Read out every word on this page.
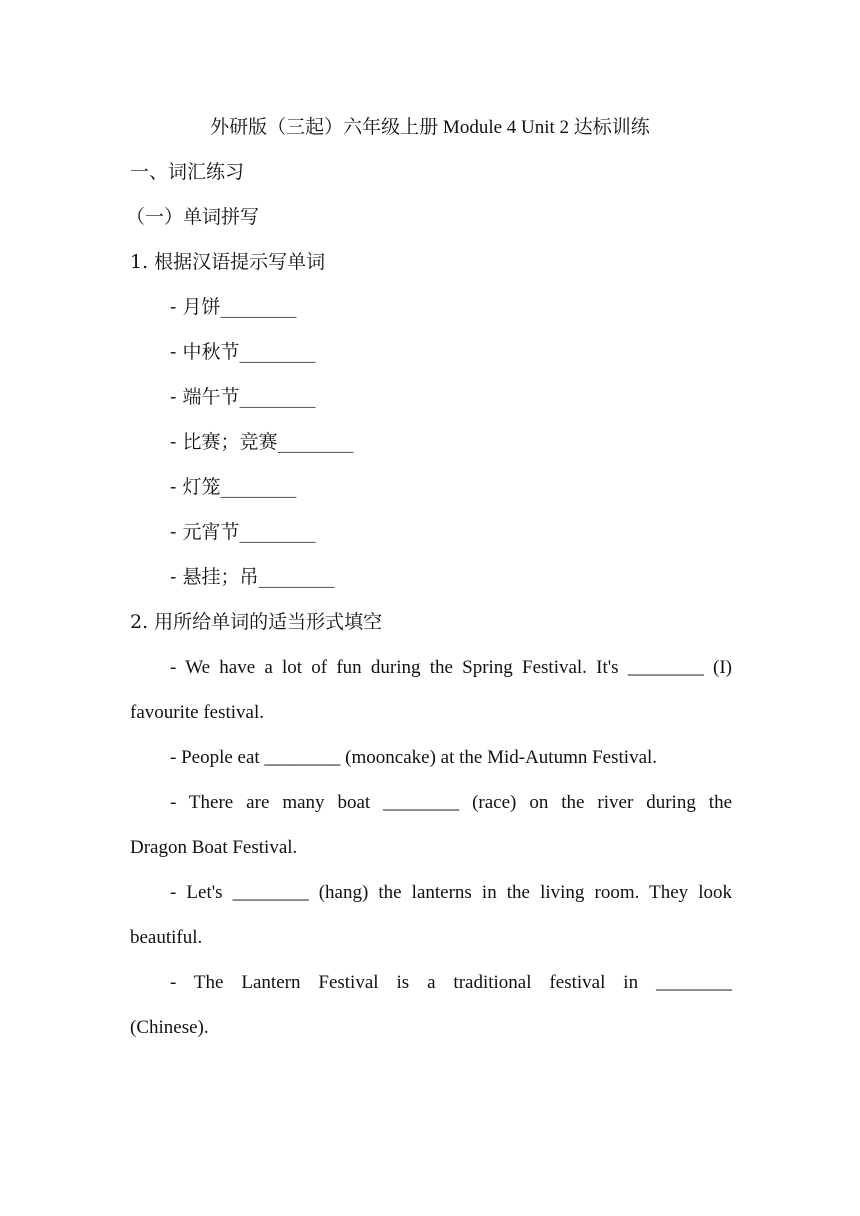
外研版（三起）六年级上册 Module 4 Unit 2 达标训练
一、词汇练习
（一）单词拼写
1. 根据汉语提示写单词
- 月饼________
- 中秋节________
- 端午节________
- 比赛；竞赛________
- 灯笼________
- 元宵节________
- 悬挂；吊________
2. 用所给单词的适当形式填空
- We have a lot of fun during the Spring Festival. It's ________ (I)
favourite festival.
- People eat ________ (mooncake) at the Mid-Autumn Festival.
- There are many boat ________ (race) on the river during the
Dragon Boat Festival.
- Let's ________ (hang) the lanterns in the living room. They look
beautiful.
- The Lantern Festival is a traditional festival in ________
(Chinese).
